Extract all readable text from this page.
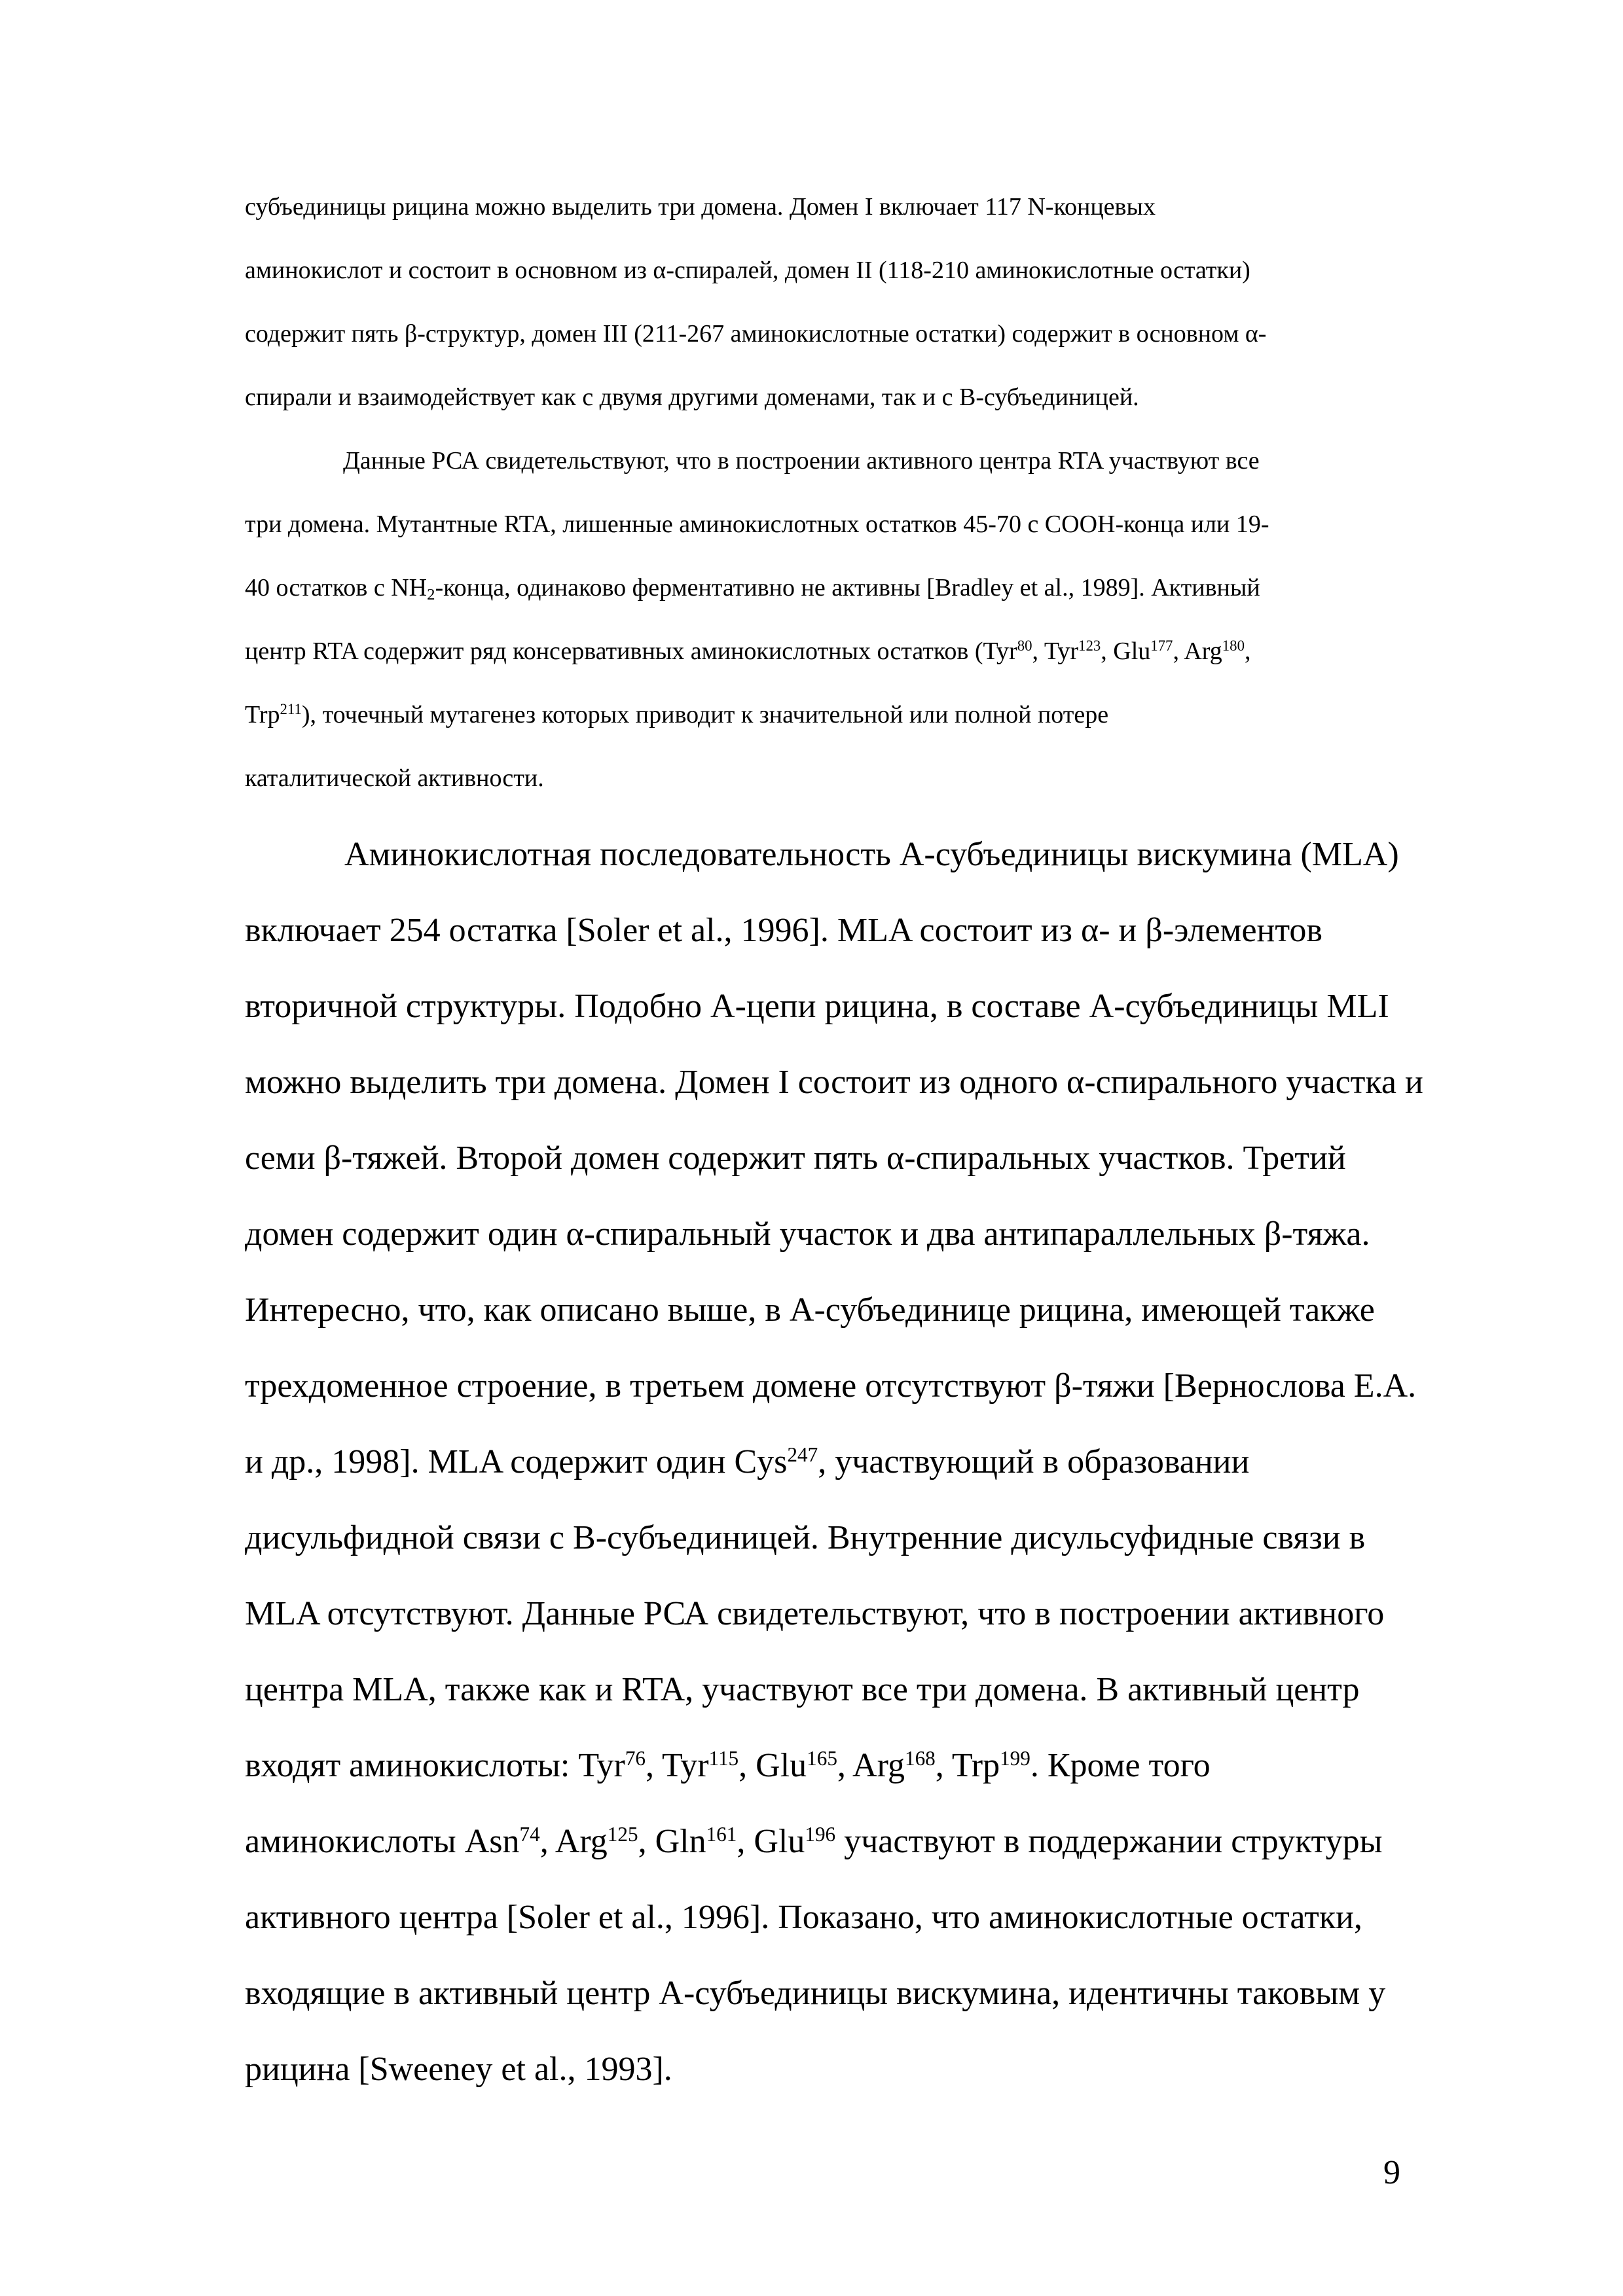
субъединицы рицина можно выделить три домена. Домен I включает 117 N-концевых
аминокислот и состоит в основном из α-спиралей, домен II (118-210 аминокислотные остатки)
содержит пять β-структур, домен III (211-267 аминокислотные остатки) содержит в основном α-
спирали и взаимодействует как с двумя другими доменами, так и с В-субъединицей.

Данные РСА свидетельствуют, что в построении активного центра RTA участвуют все
три домена. Мутантные RTA, лишенные аминокислотных остатков 45-70 с COOH-конца или 19-
40 остатков с $NH_2$-конца, одинаково ферментативно не активны [Bradley et al., 1989]. Активный
центр RTA содержит ряд консервативных аминокислотных остатков (Tyr$^{80}$, Tyr$^{123}$, Glu$^{177}$, Arg$^{180}$,
Trp$^{211}$), точечный мутагенез которых приводит к значительной или полной потере
каталитической активности.

Аминокислотная последовательность А-субъединицы вискумина (MLA)
включает 254 остатка [Soler et al., 1996]. MLA состоит из α- и β-элементов
вторичной структуры. Подобно А-цепи рицина, в составе А-субъединицы MLI
можно выделить три домена. Домен I состоит из одного α-спирального участка и
семи β-тяжей. Второй домен содержит пять α-спиральных участков. Третий
домен содержит один α-спиральный участок и два антипараллельных β-тяжа.
Интересно, что, как описано выше, в А-субъединице рицина, имеющей также
трехдоменное строение, в третьем домене отсутствуют β-тяжи [Вернослова Е.А.
и др., 1998]. MLA содержит один Cys$^{247}$, участвующий в образовании
дисульфидной связи с В-субъединицей. Внутренние дисульсуфидные связи в
MLA отсутствуют. Данные РСА свидетельствуют, что в построении активного
центра MLA, также как и RTA, участвуют все три домена. В активный центр
входят аминокислоты: Tyr$^{76}$, Tyr$^{115}$, Glu$^{165}$, Arg$^{168}$, Trp$^{199}$. Кроме того
аминокислоты Asn$^{74}$, Arg$^{125}$, Gln$^{161}$, Glu$^{196}$ участвуют в поддержании структуры
активного центра [Soler et al., 1996]. Показано, что аминокислотные остатки,
входящие в активный центр А-субъединицы вискумина, идентичны таковым у
рицина [Sweeney et al., 1993].

9
